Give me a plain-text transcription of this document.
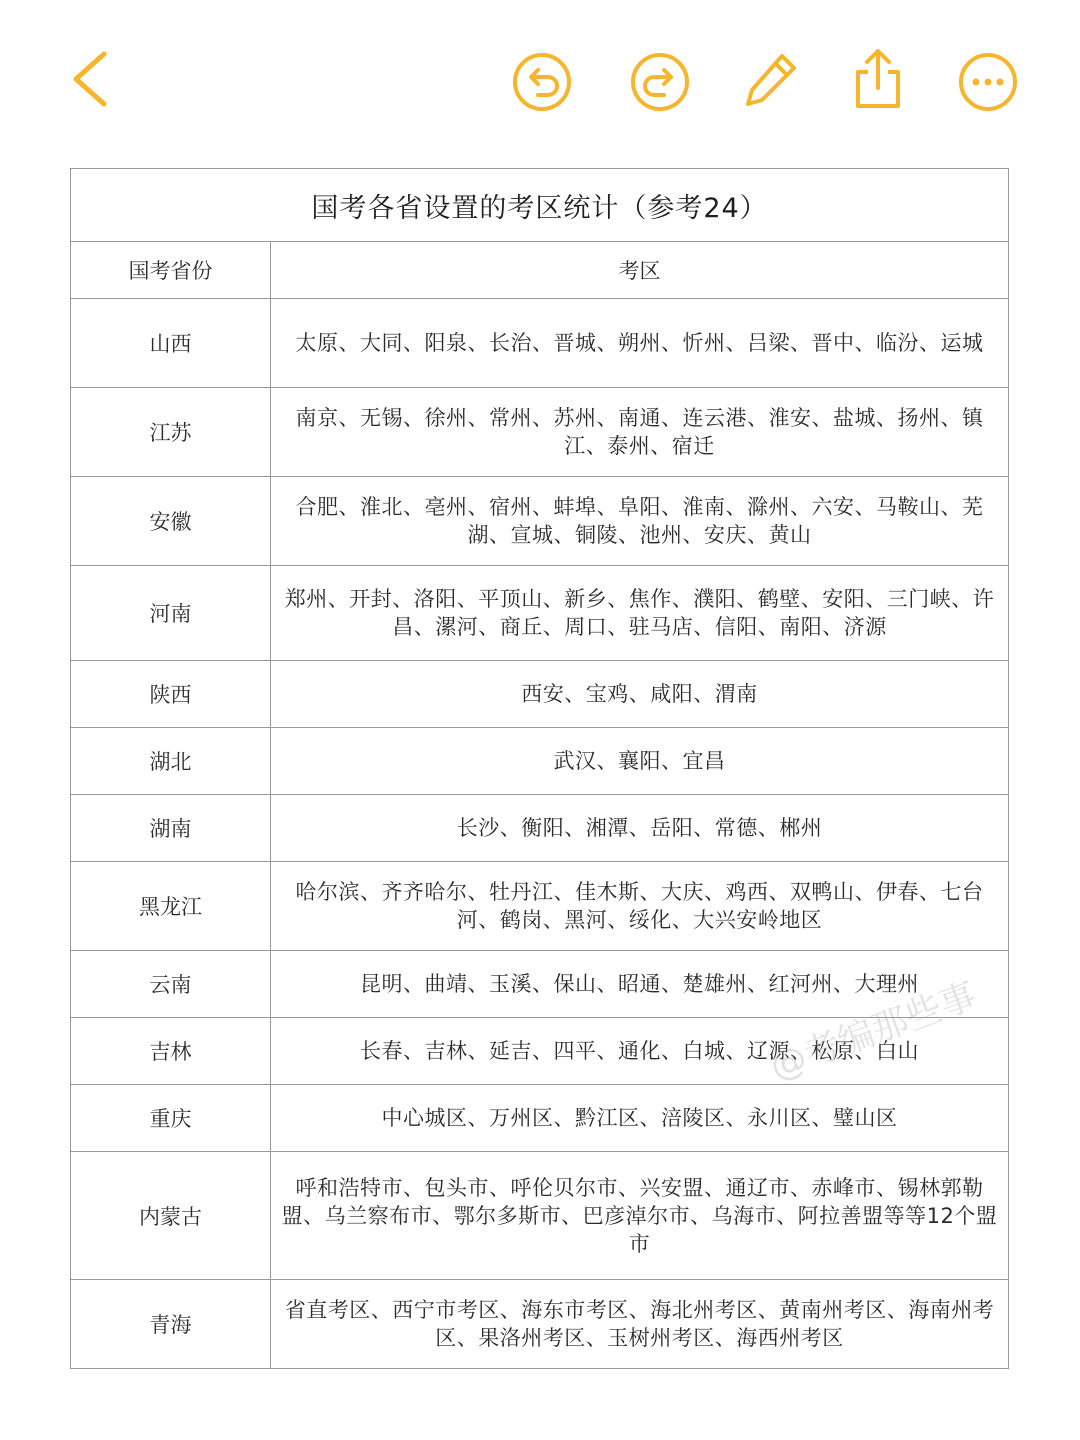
国考各省设置的考区统计（参考24）	
国考省份	考区
山西	太原、大同、阳泉、长治、晋城、朔州、忻州、吕梁、晋中、临汾、运城
江苏	南京、无锡、徐州、常州、苏州、南通、连云港、淮安、盐城、扬州、镇江、泰州、宿迁
安徽	合肥、淮北、亳州、宿州、蚌埠、阜阳、淮南、滁州、六安、马鞍山、芜湖、宣城、铜陵、池州、安庆、黄山
河南	郑州、开封、洛阳、平顶山、新乡、焦作、濮阳、鹤壁、安阳、三门峡、许昌、漯河、商丘、周口、驻马店、信阳、南阳、济源
陕西	西安、宝鸡、咸阳、渭南
湖北	武汉、襄阳、宜昌
湖南	长沙、衡阳、湘潭、岳阳、常德、郴州
黑龙江	哈尔滨、齐齐哈尔、牡丹江、佳木斯、大庆、鸡西、双鸭山、伊春、七台河、鹤岗、黑河、绥化、大兴安岭地区
云南	昆明、曲靖、玉溪、保山、昭通、楚雄州、红河州、大理州
吉林	长春、吉林、延吉、四平、通化、白城、辽源、松原、白山
重庆	中心城区、万州区、黔江区、涪陵区、永川区、璧山区
内蒙古	呼和浩特市、包头市、呼伦贝尔市、兴安盟、通辽市、赤峰市、锡林郭勒盟、乌兰察布市、鄂尔多斯市、巴彦淖尔市、乌海市、阿拉善盟等等12个盟市
青海	省直考区、西宁市考区、海东市考区、海北州考区、黄南州考区、海南州考区、果洛州考区、玉树州考区、海西州考区
@考编那些事
